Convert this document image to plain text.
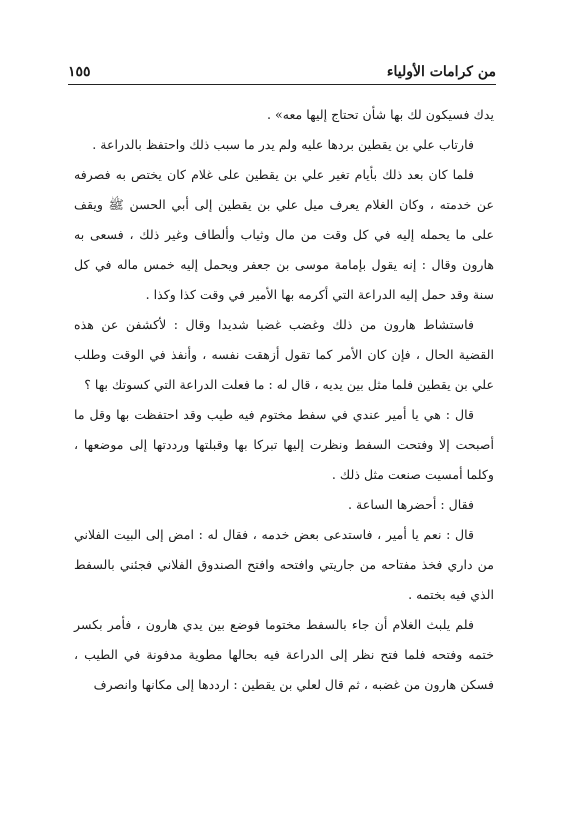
من كرامات الأولياء
١٥٥

يدك فسيكون لك بها شأن تحتاج إليها معه» .

فارتاب علي بن يقطين بردها عليه ولم يدر ما سبب ذلك واحتفظ بالدراعة .

فلما كان بعد ذلك بأيام تغير علي بن يقطين على غلام كان يختص به فصرفه عن خدمته ، وكان الغلام يعرف ميل علي بن يقطين إلى أبي الحسن ﷺ ويقف على ما يحمله إليه في كل وقت من مال وثياب وألطاف وغير ذلك ، فسعى به هارون وقال : إنه يقول بإمامة موسى بن جعفر ويحمل إليه خمس ماله في كل سنة وقد حمل إليه الدراعة التي أكرمه بها الأمير في وقت كذا وكذا .

فاستشاط هارون من ذلك وغضب غضبا شديدا وقال : لأكشفن عن هذه القضية الحال ، فإن كان الأمر كما تقول أزهقت نفسه ، وأنفذ في الوقت وطلب علي بن يقطين فلما مثل بين يديه ، قال له : ما فعلت الدراعة التي كسوتك بها ؟

قال : هي يا أمير عندي في سفط مختوم فيه طيب وقد احتفظت بها وقل ما أصبحت إلا وفتحت السفط ونظرت إليها تبركا بها وقبلتها ورددتها إلى موضعها ، وكلما أمسيت صنعت مثل ذلك .

فقال : أحضرها الساعة .

قال : نعم يا أمير ، فاستدعى بعض خدمه ، فقال له : امض إلى البيت الفلاني من داري فخذ مفتاحه من جاريتي وافتحه وافتح الصندوق الفلاني فجئني بالسفط الذي فيه بختمه .

فلم يلبث الغلام أن جاء بالسفط مختوما فوضع بين يدي هارون ، فأمر بكسر ختمه وفتحه فلما فتح نظر إلى الدراعة فيه بحالها مطوية مدفونة في الطيب ، فسكن هارون من غضبه ، ثم قال لعلي بن يقطين : ارددها إلى مكانها وانصرف
